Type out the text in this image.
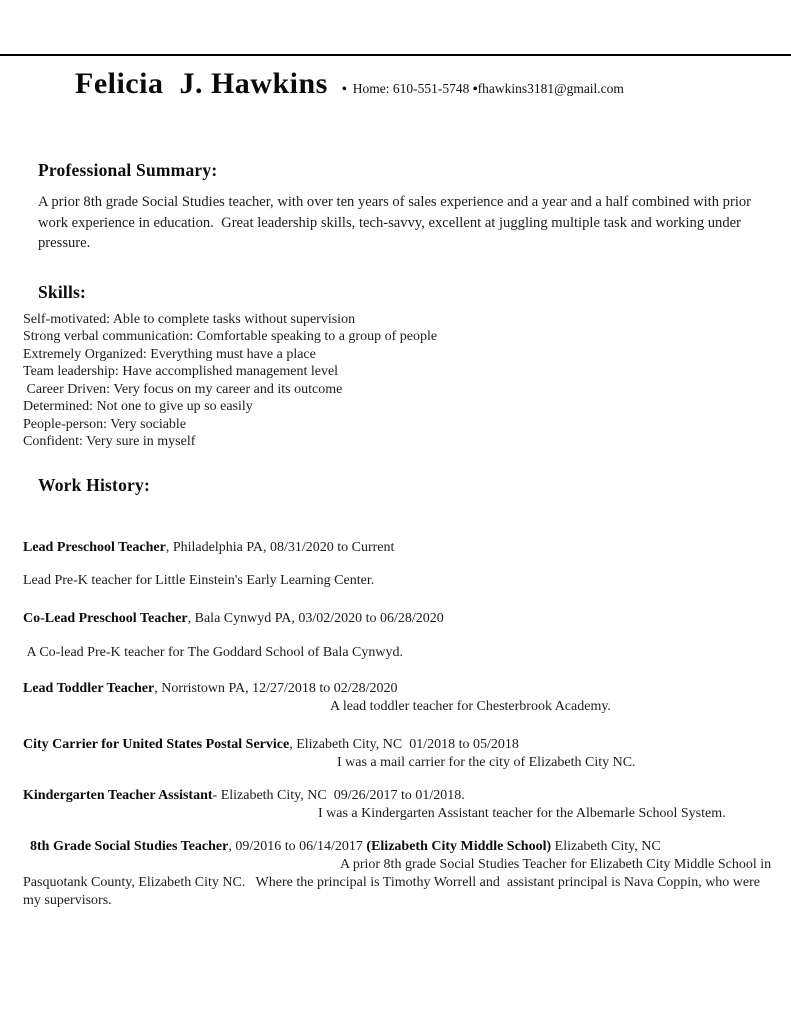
Felicia  J. Hawkins • Home: 610-551-5748
• fhawkins3181@gmail.com
Professional Summary:

A prior 8th grade Social Studies teacher, with over ten years of sales experience and a year and a half combined with prior work experience in education.  Great leadership skills, tech-savvy, excellent at juggling multiple task and working under pressure.

Skills:
Self-motivated: Able to complete tasks without supervision
Strong verbal communication: Comfortable speaking to a group of people
Extremely Organized: Everything must have a place
Team leadership: Have accomplished management level
Career Driven: Very focus on my career and its outcome
Determined: Not one to give up so easily
People-person: Very sociable
Confident: Very sure in myself
Work History:

Lead Preschool Teacher, Philadelphia PA, 08/31/2020 to Current

Lead Pre-K teacher for Little Einstein's Early Learning Center.

Co-Lead Preschool Teacher, Bala Cynwyd PA, 03/02/2020 to 06/28/2020

A Co-lead Pre-K teacher for The Goddard School of Bala Cynwyd.

Lead Toddler Teacher, Norristown PA, 12/27/2018 to 02/28/2020

A lead toddler teacher for Chesterbrook Academy.

City Carrier for United States Postal Service, Elizabeth City, NC  01/2018 to 05/2018

I was a mail carrier for the city of Elizabeth City NC.

Kindergarten Teacher Assistant- Elizabeth City, NC  09/26/2017 to 01/2018.

I was a Kindergarten Assistant teacher for the Albemarle School System.

8th Grade Social Studies Teacher, 09/2016 to 06/14/2017 (Elizabeth City Middle School) Elizabeth City, NC

A prior 8th grade Social Studies Teacher for Elizabeth City Middle School in Pasquotank County, Elizabeth City NC.   Where the principal is Timothy Worrell and  assistant principal is Nava Coppin, who were  my supervisors.
